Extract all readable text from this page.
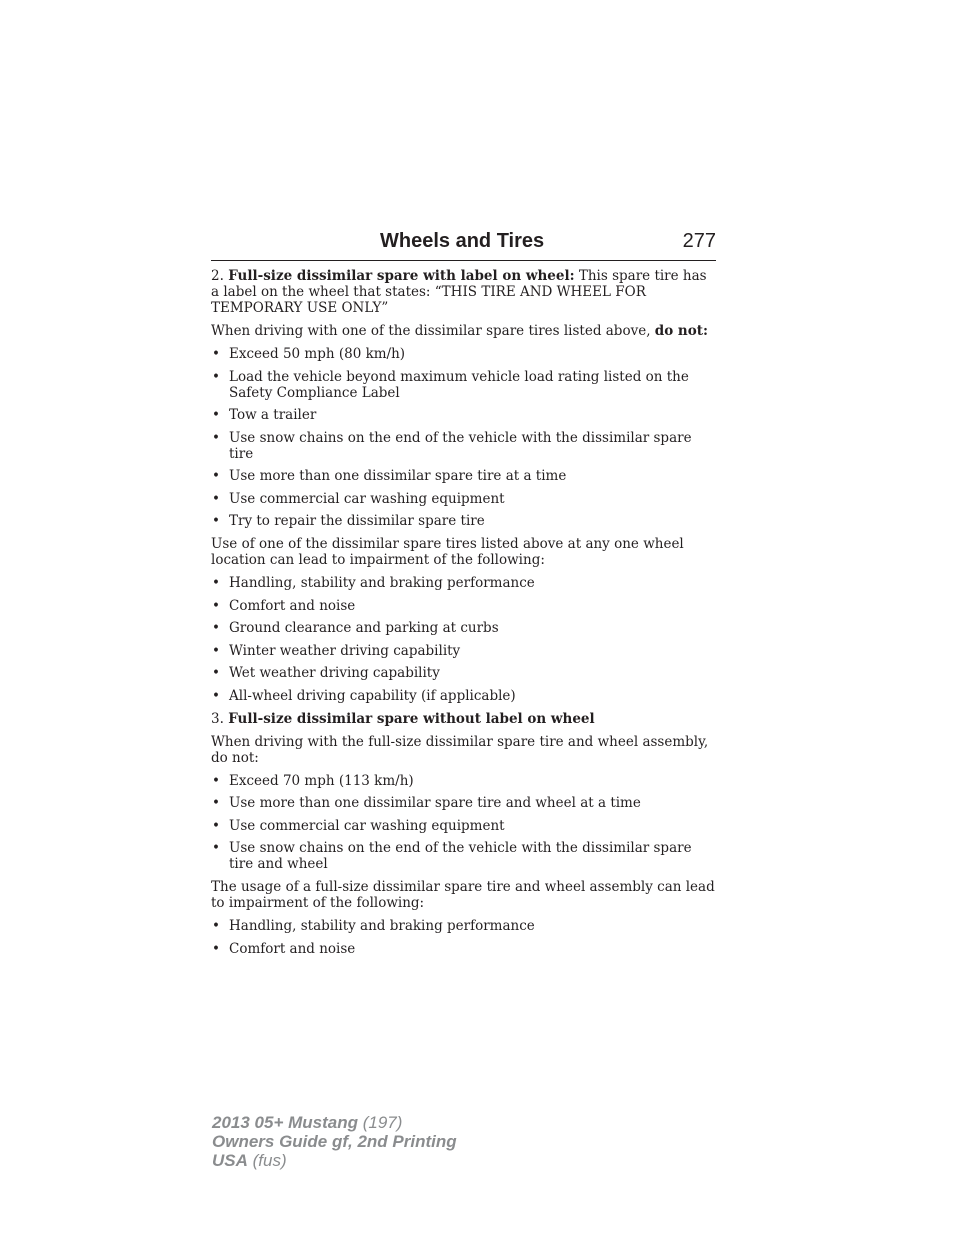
Wheels and Tires	277

2. Full-size dissimilar spare with label on wheel: This spare tire has a label on the wheel that states: “THIS TIRE AND WHEEL FOR TEMPORARY USE ONLY”

When driving with one of the dissimilar spare tires listed above, do not:

• Exceed 50 mph (80 km/h)
• Load the vehicle beyond maximum vehicle load rating listed on the Safety Compliance Label
• Tow a trailer
• Use snow chains on the end of the vehicle with the dissimilar spare tire
• Use more than one dissimilar spare tire at a time
• Use commercial car washing equipment
• Try to repair the dissimilar spare tire

Use of one of the dissimilar spare tires listed above at any one wheel location can lead to impairment of the following:

• Handling, stability and braking performance
• Comfort and noise
• Ground clearance and parking at curbs
• Winter weather driving capability
• Wet weather driving capability
• All-wheel driving capability (if applicable)

3. Full-size dissimilar spare without label on wheel

When driving with the full-size dissimilar spare tire and wheel assembly, do not:

• Exceed 70 mph (113 km/h)
• Use more than one dissimilar spare tire and wheel at a time
• Use commercial car washing equipment
• Use snow chains on the end of the vehicle with the dissimilar spare tire and wheel

The usage of a full-size dissimilar spare tire and wheel assembly can lead to impairment of the following:

• Handling, stability and braking performance
• Comfort and noise
2013 05+ Mustang (197)
Owners Guide gf, 2nd Printing
USA (fus)
